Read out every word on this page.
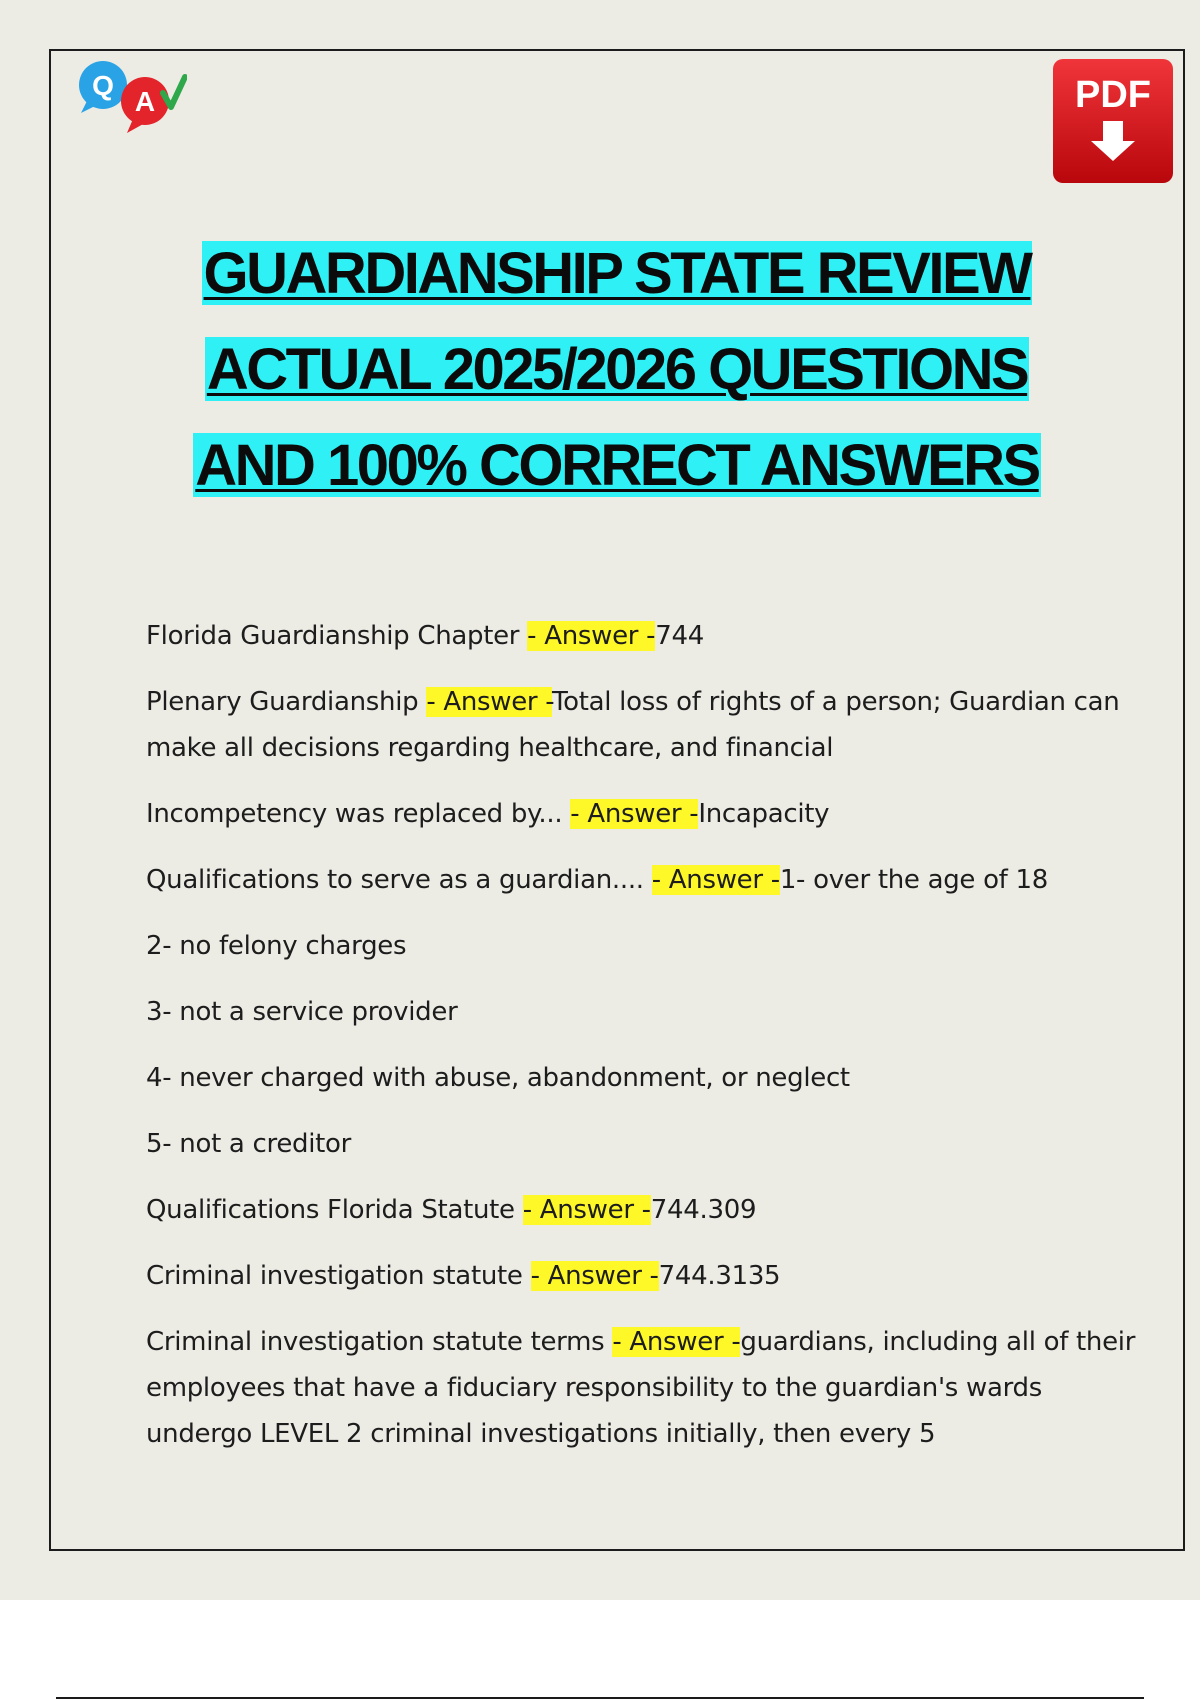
Q
A	PDF
GUARDIANSHIP STATE REVIEW
ACTUAL 2025/2026 QUESTIONS
AND 100% CORRECT ANSWERS
Florida Guardianship Chapter - Answer -744
Plenary Guardianship - Answer -Total loss of rights of a person; Guardian can make all decisions regarding healthcare, and financial
Incompetency was replaced by... - Answer -Incapacity
Qualifications to serve as a guardian.... - Answer -1- over the age of 18
2- no felony charges
3- not a service provider
4- never charged with abuse, abandonment, or neglect
5- not a creditor
Qualifications Florida Statute - Answer -744.309
Criminal investigation statute - Answer -744.3135
Criminal investigation statute terms - Answer -guardians, including all of their employees that have a fiduciary responsibility to the guardian's wards undergo LEVEL 2 criminal investigations initially, then every 5
